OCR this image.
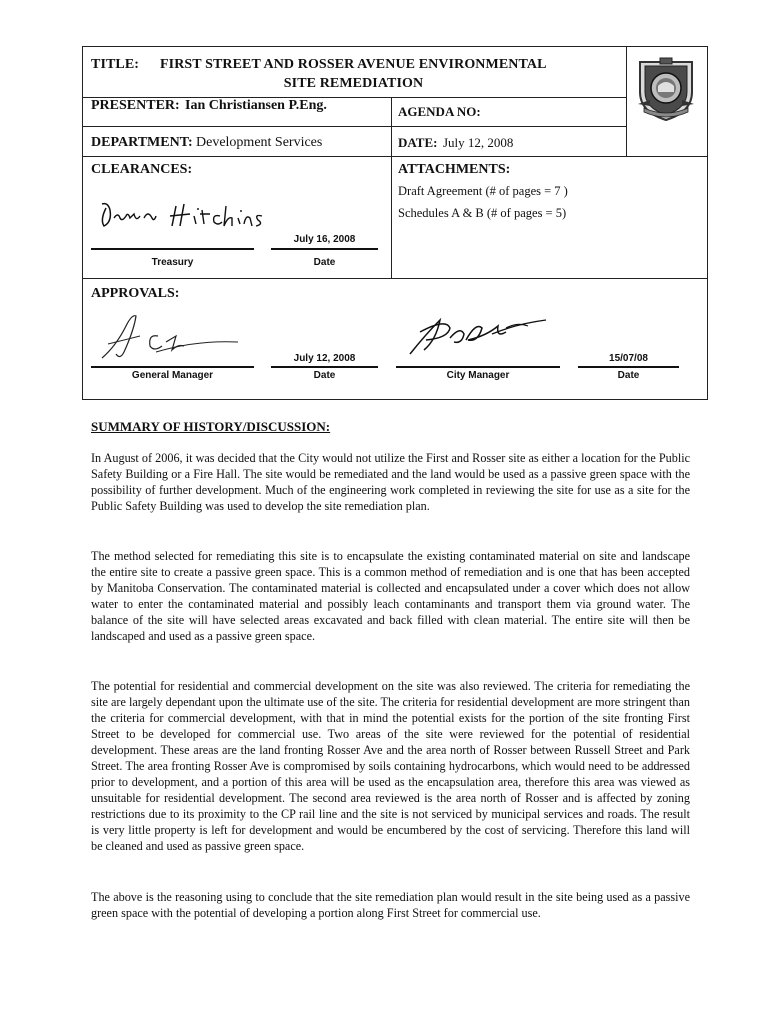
TITLE: FIRST STREET AND ROSSER AVENUE ENVIRONMENTAL
SITE REMEDIATION
PRESENTER: Ian Christiansen P.Eng.	AGENDA NO:
DEPARTMENT: Development Services	DATE: July 12, 2008
CLEARANCES:	ATTACHMENTS:
Draft Agreement (# of pages = 7 )
Schedules A & B (# of pages = 5)
July 16, 2008
Treasury	Date
APPROVALS:
July 12, 2008
General Manager	Date
15/07/08
City Manager	Date
SUMMARY OF HISTORY/DISCUSSION:

In August of 2006, it was decided that the City would not utilize the First and Rosser site as either a location for the Public Safety Building or a Fire Hall. The site would be remediated and the land would be used as a passive green space with the possibility of further development. Much of the engineering work completed in reviewing the site for use as a site for the Public Safety Building was used to develop the site remediation plan.

The method selected for remediating this site is to encapsulate the existing contaminated material on site and landscape the entire site to create a passive green space. This is a common method of remediation and is one that has been accepted by Manitoba Conservation. The contaminated material is collected and encapsulated under a cover which does not allow water to enter the contaminated material and possibly leach contaminants and transport them via ground water. The balance of the site will have selected areas excavated and back filled with clean material. The entire site will then be landscaped and used as a passive green space.

The potential for residential and commercial development on the site was also reviewed. The criteria for remediating the site are largely dependant upon the ultimate use of the site. The criteria for residential development are more stringent than the criteria for commercial development, with that in mind the potential exists for the portion of the site fronting First Street to be developed for commercial use. Two areas of the site were reviewed for the potential of residential development. These areas are the land fronting Rosser Ave and the area north of Rosser between Russell Street and Park Street. The area fronting Rosser Ave is compromised by soils containing hydrocarbons, which would need to be addressed prior to development, and a portion of this area will be used as the encapsulation area, therefore this area was viewed as unsuitable for residential development. The second area reviewed is the area north of Rosser and is affected by zoning restrictions due to its proximity to the CP rail line and the site is not serviced by municipal services and roads. The result is very little property is left for development and would be encumbered by the cost of servicing. Therefore this land will be cleaned and used as passive green space.

The above is the reasoning using to conclude that the site remediation plan would result in the site being used as a passive green space with the potential of developing a portion along First Street for commercial use.
